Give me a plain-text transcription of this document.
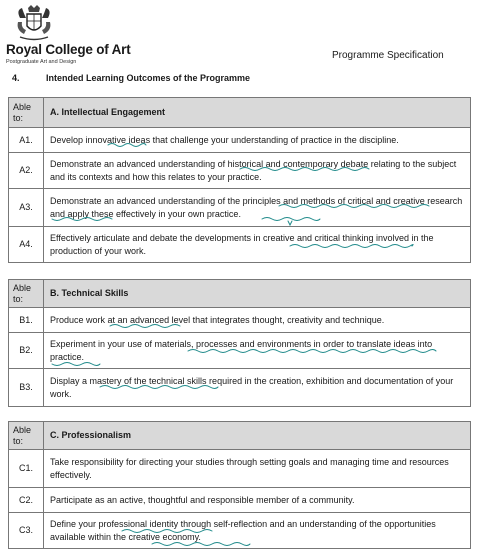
Royal College of Art
Postgraduate Art and Design
Programme Specification
4.	Intended Learning Outcomes of the Programme
Able to:	A. Intellectual Engagement
A1.	Develop innovative ideas that challenge your understanding of practice in the discipline.
A2.	Demonstrate an advanced understanding of historical and contemporary debate relating to the subject and its contexts and how this relates to your practice.
A3.	Demonstrate an advanced understanding of the principles and methods of critical and creative research and apply these effectively in your own practice.
A4.	Effectively articulate and debate the developments in creative and critical thinking involved in the production of your work.
Able to:	B. Technical Skills
B1.	Produce work at an advanced level that integrates thought, creativity and technique.
B2.	Experiment in your use of materials, processes and environments in order to translate ideas into practice.
B3.	Display a mastery of the technical skills required in the creation, exhibition and documentation of your work.
Able to:	C. Professionalism
C1.	Take responsibility for directing your studies through setting goals and managing time and resources effectively.
C2.	Participate as an active, thoughtful and responsible member of a community.
C3.	Define your professional identity through self-reflection and an understanding of the opportunities available within the creative economy.
